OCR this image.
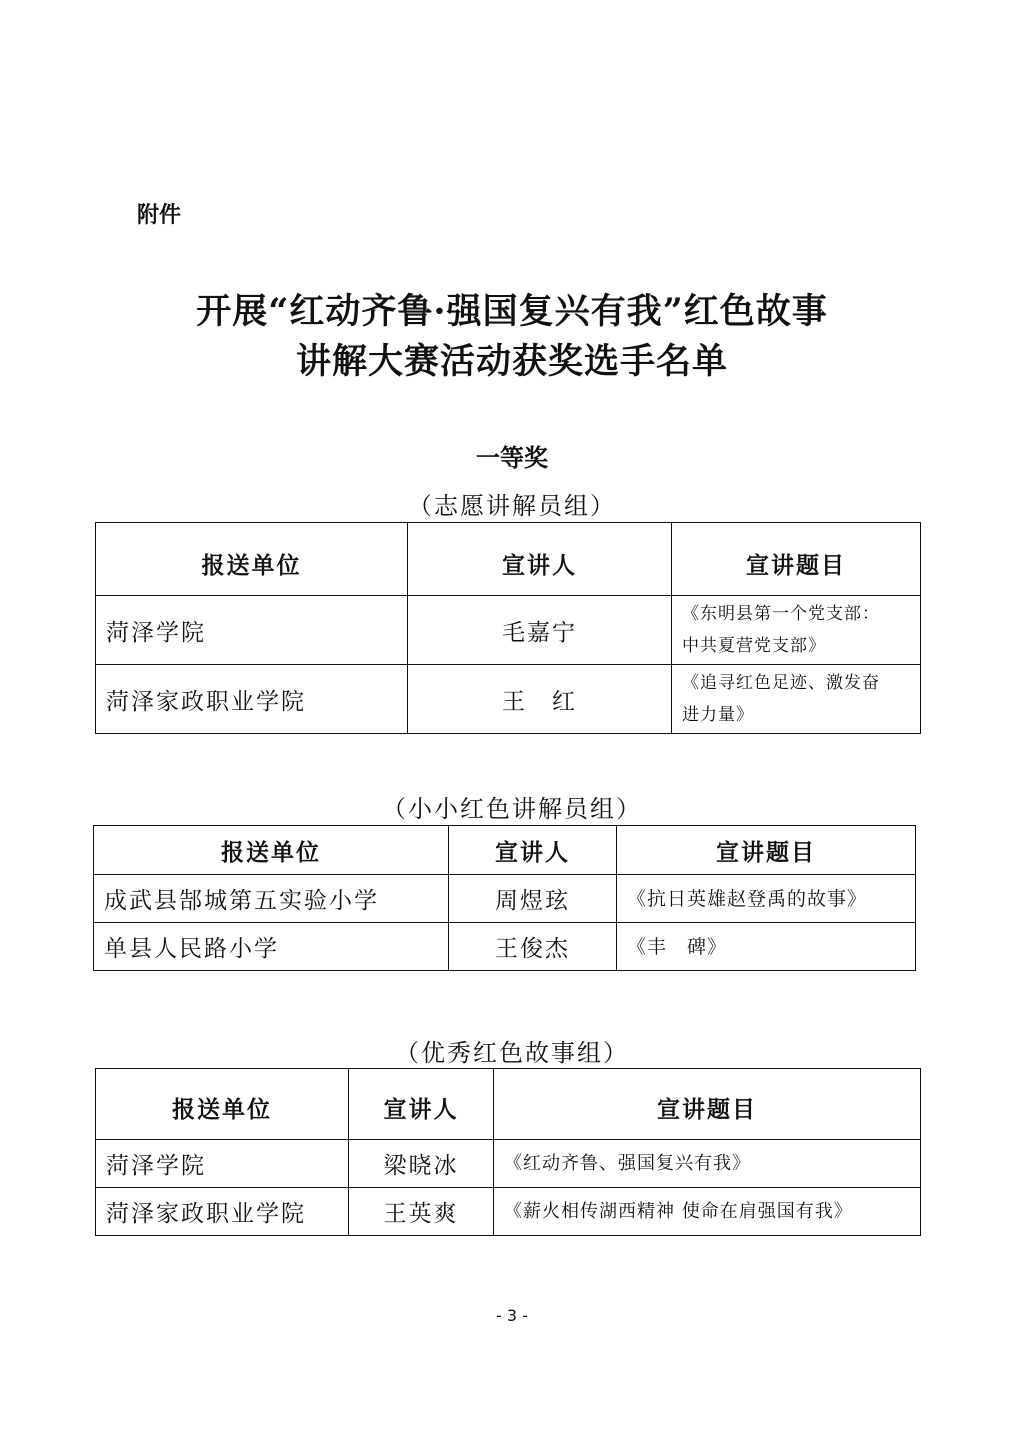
附件
开展“红动齐鲁·强国复兴有我”红色故事
讲解大赛活动获奖选手名单
一等奖
（志愿讲解员组）
报送单位	宣讲人	宣讲题目
菏泽学院	毛嘉宁	《东明县第一个党支部：
中共夏营党支部》

菏泽家政职业学院	王　红	《追寻红色足迹、激发奋
进力量》
（小小红色讲解员组）
报送单位	宣讲人	宣讲题目
成武县郜城第五实验小学	周煜玹	《抗日英雄赵登禹的故事》
单县人民路小学	王俊杰	《丰　碑》
（优秀红色故事组）
报送单位	宣讲人	宣讲题目
菏泽学院	梁晓冰	《红动齐鲁、强国复兴有我》
菏泽家政职业学院	王英爽	《薪火相传湖西精神 使命在肩强国有我》
- 3 -
